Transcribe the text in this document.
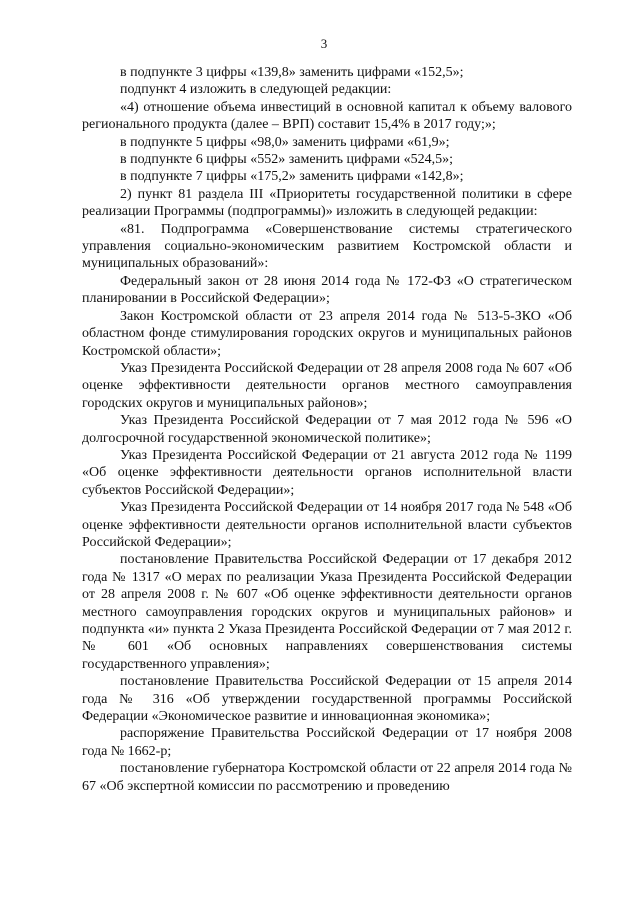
3

в подпункте 3 цифры «139,8» заменить цифрами «152,5»;

подпункт 4 изложить в следующей редакции:

«4) отношение объема инвестиций в основной капитал к объему валового регионального продукта (далее – ВРП) составит 15,4% в 2017 году;»;

в подпункте 5 цифры «98,0» заменить цифрами «61,9»;

в подпункте 6 цифры «552» заменить цифрами «524,5»;

в подпункте 7 цифры «175,2» заменить цифрами «142,8»;

2) пункт 81 раздела III «Приоритеты государственной политики в сфере реализации Программы (подпрограммы)» изложить в следующей редакции:

«81. Подпрограмма «Совершенствование системы стратегического управления социально-экономическим развитием Костромской области и муниципальных образований»:

Федеральный закон от 28 июня 2014 года № 172-ФЗ «О стратегическом планировании в Российской Федерации»;

Закон Костромской области от 23 апреля 2014 года № 513-5-ЗКО «Об областном фонде стимулирования городских округов и муниципальных районов Костромской области»;

Указ Президента Российской Федерации от 28 апреля 2008 года № 607 «Об оценке эффективности деятельности органов местного самоуправления городских округов и муниципальных районов»;

Указ Президента Российской Федерации от 7 мая 2012 года № 596 «О долгосрочной государственной экономической политике»;

Указ Президента Российской Федерации от 21 августа 2012 года № 1199 «Об оценке эффективности деятельности органов исполнительной власти субъектов Российской Федерации»;

Указ Президента Российской Федерации от 14 ноября 2017 года № 548 «Об оценке эффективности деятельности органов исполнительной власти субъектов Российской Федерации»;

постановление Правительства Российской Федерации от 17 декабря 2012 года № 1317 «О мерах по реализации Указа Президента Российской Федерации от 28 апреля 2008 г. № 607 «Об оценке эффективности деятельности органов местного самоуправления городских округов и муниципальных районов» и подпункта «и» пункта 2 Указа Президента Российской Федерации от 7 мая 2012 г. № 601 «Об основных направлениях совершенствования системы государственного управления»;

постановление Правительства Российской Федерации от 15 апреля 2014 года № 316 «Об утверждении государственной программы Российской Федерации «Экономическое развитие и инновационная экономика»;

распоряжение Правительства Российской Федерации от 17 ноября 2008 года № 1662-р;

постановление губернатора Костромской области от 22 апреля 2014 года № 67 «Об экспертной комиссии по рассмотрению и проведению
